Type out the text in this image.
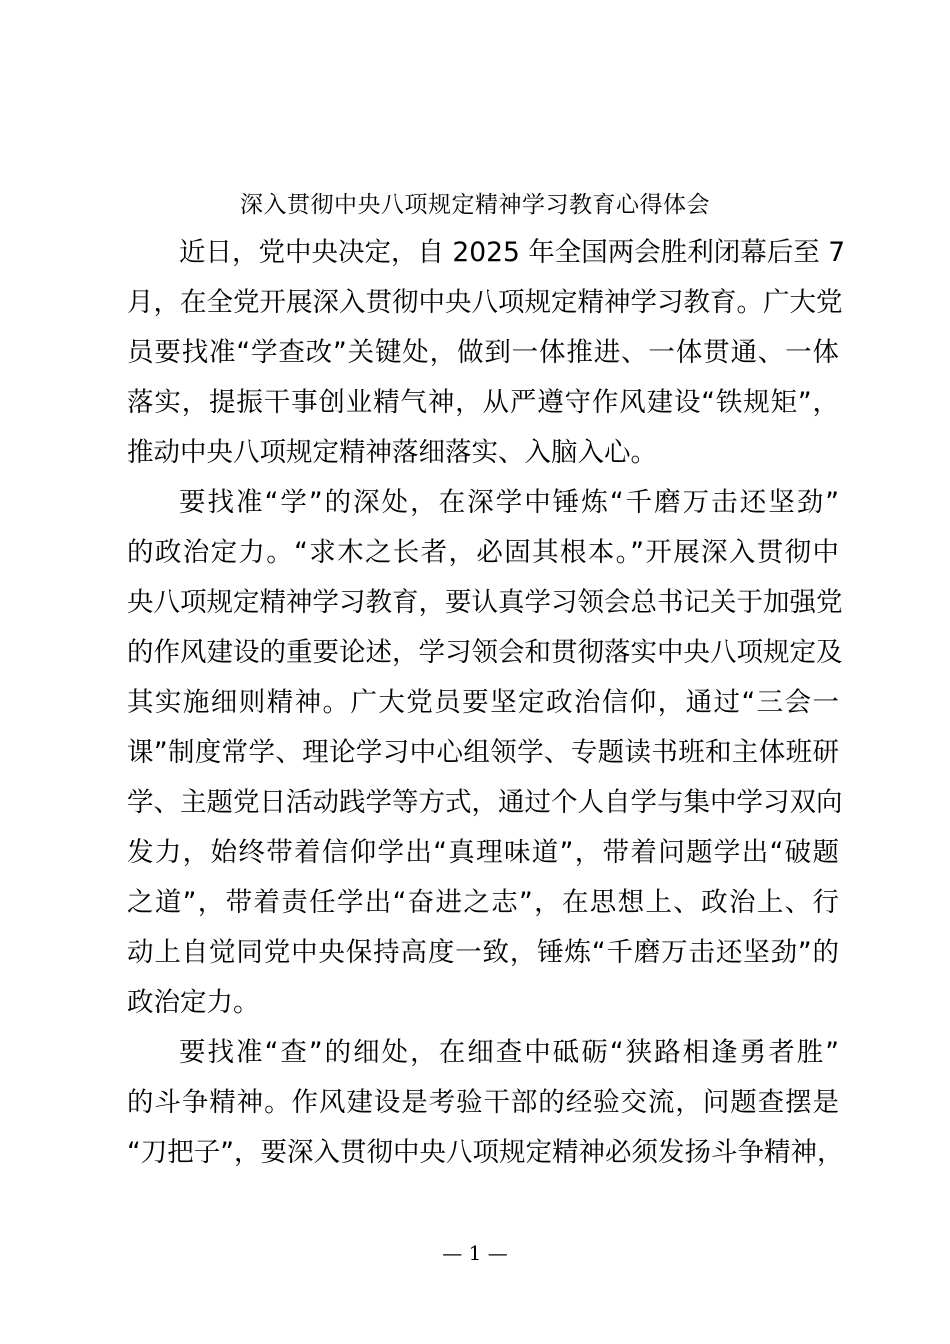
深入贯彻中央八项规定精神学习教育心得体会
近日，党中央决定，自 2025 年全国两会胜利闭幕后至 7
月，在全党开展深入贯彻中央八项规定精神学习教育。广大党
员要找准“学查改”关键处，做到一体推进、一体贯通、一体
落实，提振干事创业精气神，从严遵守作风建设“铁规矩”，
推动中央八项规定精神落细落实、入脑入心。
要找准“学”的深处，在深学中锤炼“千磨万击还坚劲”
的政治定力。“求木之长者，必固其根本。”开展深入贯彻中
央八项规定精神学习教育，要认真学习领会总书记关于加强党
的作风建设的重要论述，学习领会和贯彻落实中央八项规定及
其实施细则精神。广大党员要坚定政治信仰，通过“三会一
课”制度常学、理论学习中心组领学、专题读书班和主体班研
学、主题党日活动践学等方式，通过个人自学与集中学习双向
发力，始终带着信仰学出“真理味道”，带着问题学出“破题
之道”，带着责任学出“奋进之志”，在思想上、政治上、行
动上自觉同党中央保持高度一致，锤炼“千磨万击还坚劲”的
政治定力。
要找准“查”的细处，在细查中砥砺“狭路相逢勇者胜”
的斗争精神。作风建设是考验干部的经验交流，问题查摆是
“刀把子”，要深入贯彻中央八项规定精神必须发扬斗争精神，
— 1 —
